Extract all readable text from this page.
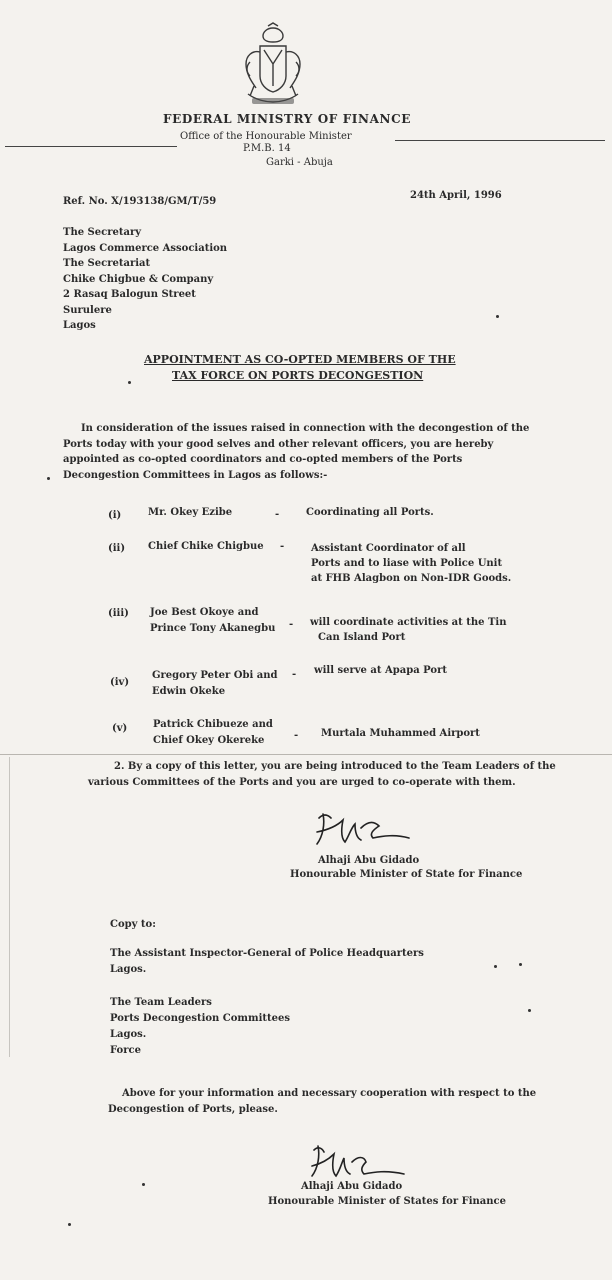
FEDERAL MINISTRY OF FINANCE
Office of the Honourable Minister
P.M.B. 14
Garki - Abuja
Ref. No. X/193138/GM/T/59
24th April, 1996
The Secretary
Lagos Commerce Association
The Secretariat
Chike Chigbue & Company
2 Rasaq Balogun Street
Surulere
Lagos
APPOINTMENT AS CO-OPTED MEMBERS OF THE
TAX FORCE ON PORTS DECONGESTION
In consideration of the issues raised in connection with the decongestion of the
Ports today with your good selves and other relevant officers, you are hereby
appointed as co-opted coordinators and co-opted members of the Ports
Decongestion Committees in Lagos as follows:-
(i)	Mr. Okey Ezibe	-	Coordinating all Ports.
(ii) Chief Chike Chigbue -	Assistant Coordinator of all
Ports and to liase with Police Unit
at FHB Alagbon on Non-IDR Goods.
(iii) Joe Best Okoye and
Prince Tony Akanegbu - will coordinate activities at the Tin
Can Island Port
(iv)
Gregory Peter Obi and
Edwin Okeke
- will serve at Apapa Port
(v)	Patrick Chibueze and
Chief Okey Okereke	- Murtala Muhammed Airport
2. By a copy of this letter, you are being introduced to the Team Leaders of the
various Committees of the Ports and you are urged to co-operate with them.
Alhaji Abu Gidado
Honourable Minister of State for Finance
Copy to:
The Assistant Inspector-General of Police Headquarters
Lagos.
The Team Leaders
Ports Decongestion Committees
Lagos.
Force
Above for your information and necessary cooperation with respect to the
Decongestion of Ports, please.
Alhaji Abu Gidado
Honourable Minister of States for Finance
